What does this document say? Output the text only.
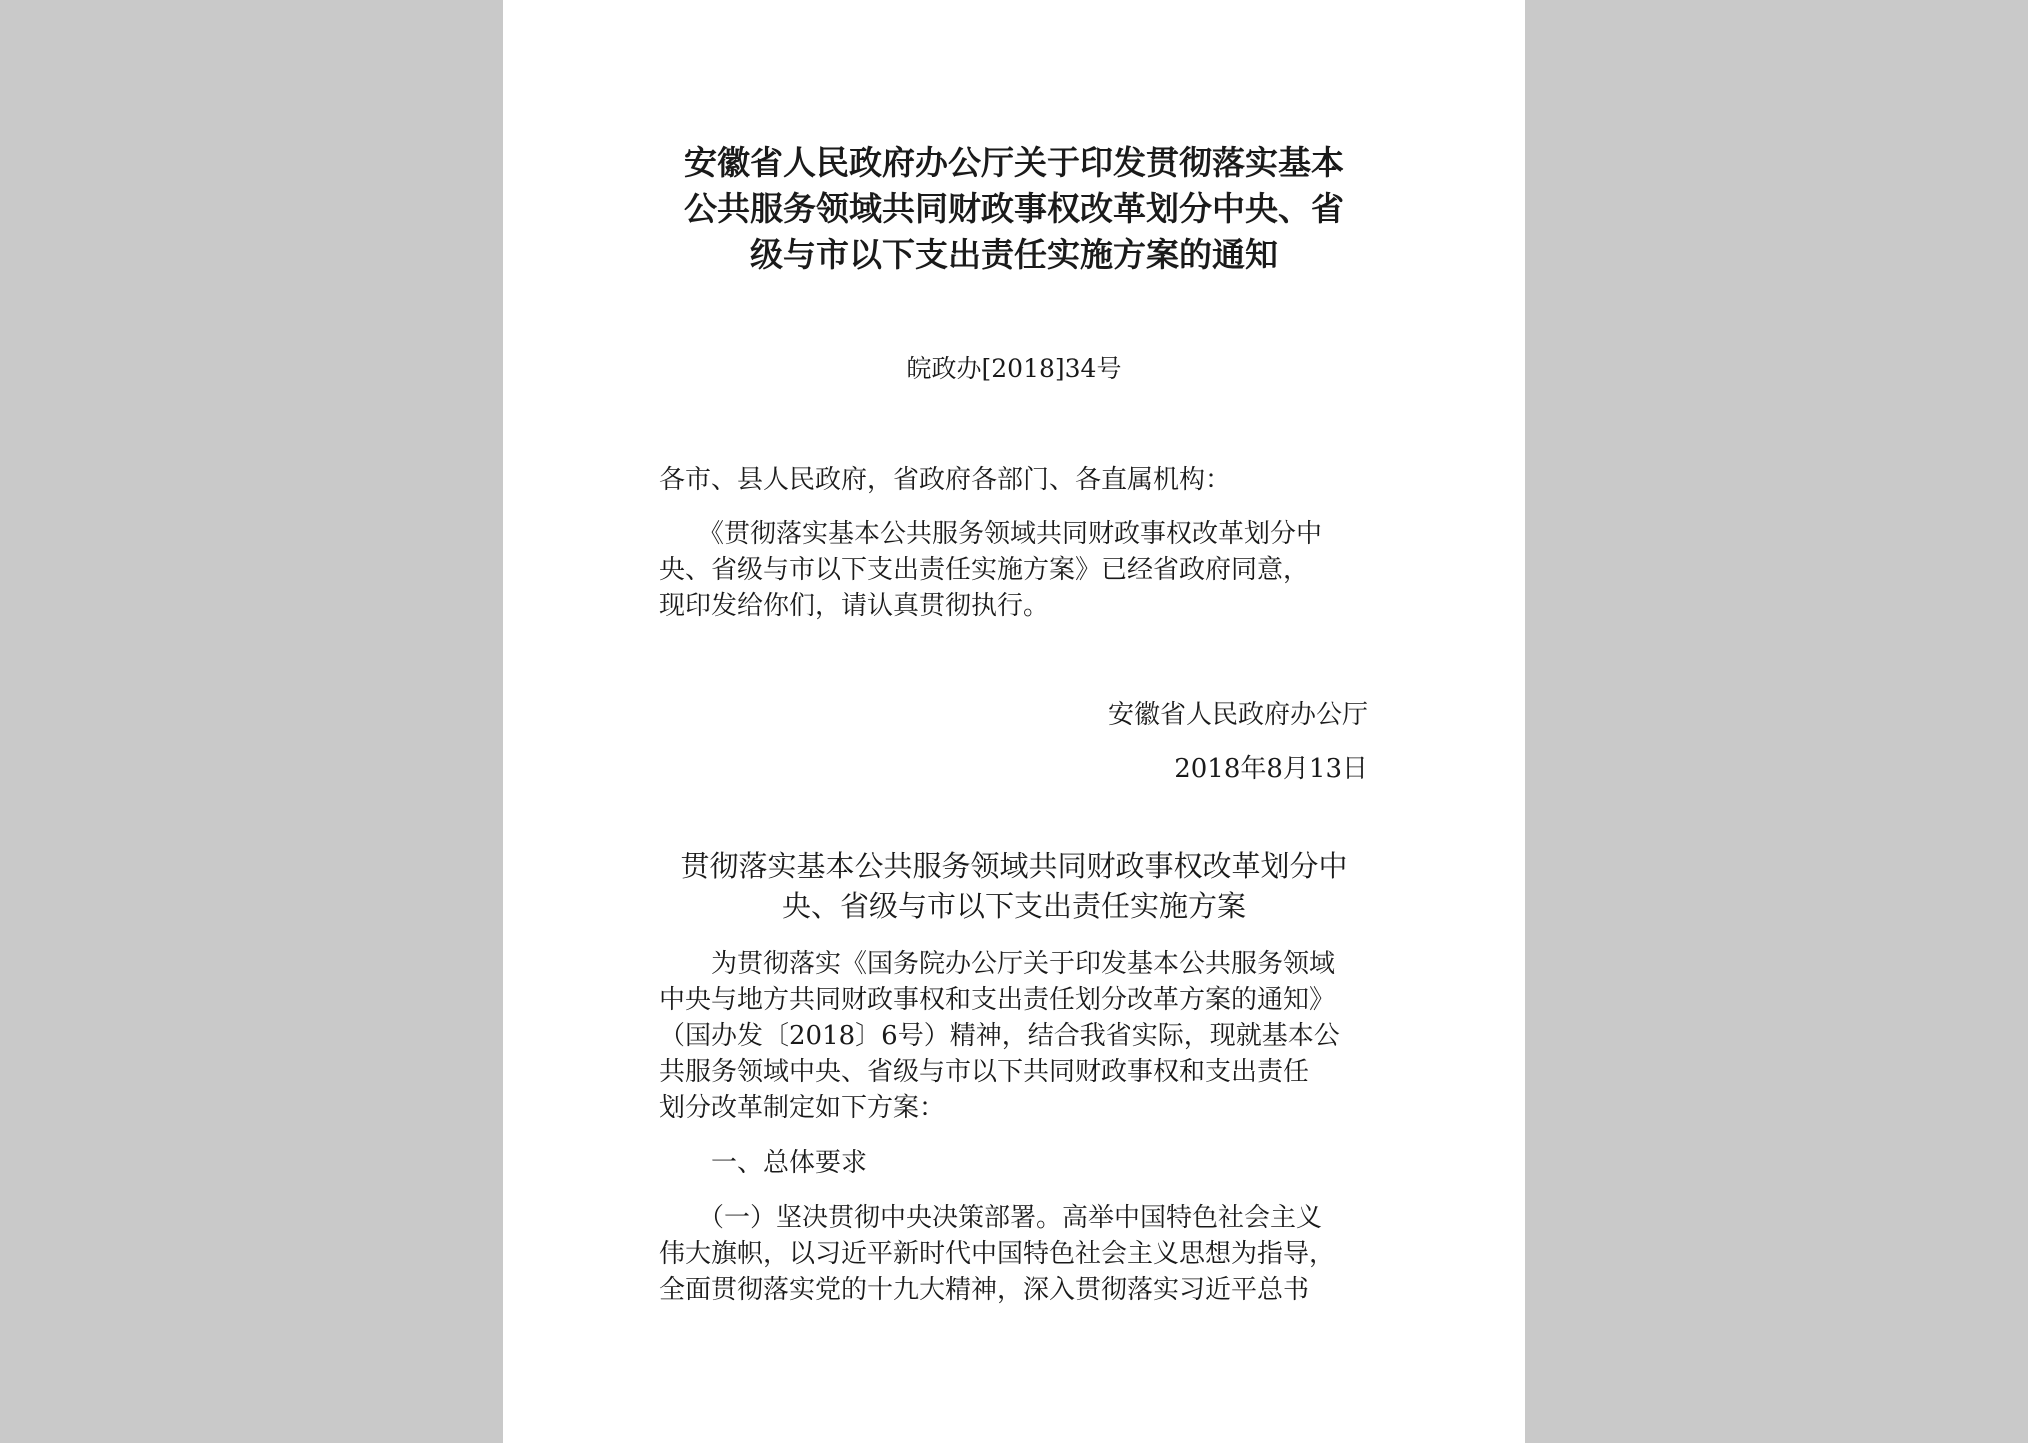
安徽省人民政府办公厅关于印发贯彻落实基本
公共服务领域共同财政事权改革划分中央、省
级与市以下支出责任实施方案的通知
皖政办[2018]34号
各市、县人民政府，省政府各部门、各直属机构：
　　《贯彻落实基本公共服务领域共同财政事权改革划分中
央、省级与市以下支出责任实施方案》已经省政府同意，
现印发给你们，请认真贯彻执行。
安徽省人民政府办公厅
2018年8月13日
贯彻落实基本公共服务领域共同财政事权改革划分中
央、省级与市以下支出责任实施方案
　　为贯彻落实《国务院办公厅关于印发基本公共服务领域
中央与地方共同财政事权和支出责任划分改革方案的通知》
（国办发〔2018〕6号）精神，结合我省实际，现就基本公
共服务领域中央、省级与市以下共同财政事权和支出责任
划分改革制定如下方案：
　　一、总体要求
　　（一）坚决贯彻中央决策部署。高举中国特色社会主义
伟大旗帜，以习近平新时代中国特色社会主义思想为指导，
全面贯彻落实党的十九大精神，深入贯彻落实习近平总书
